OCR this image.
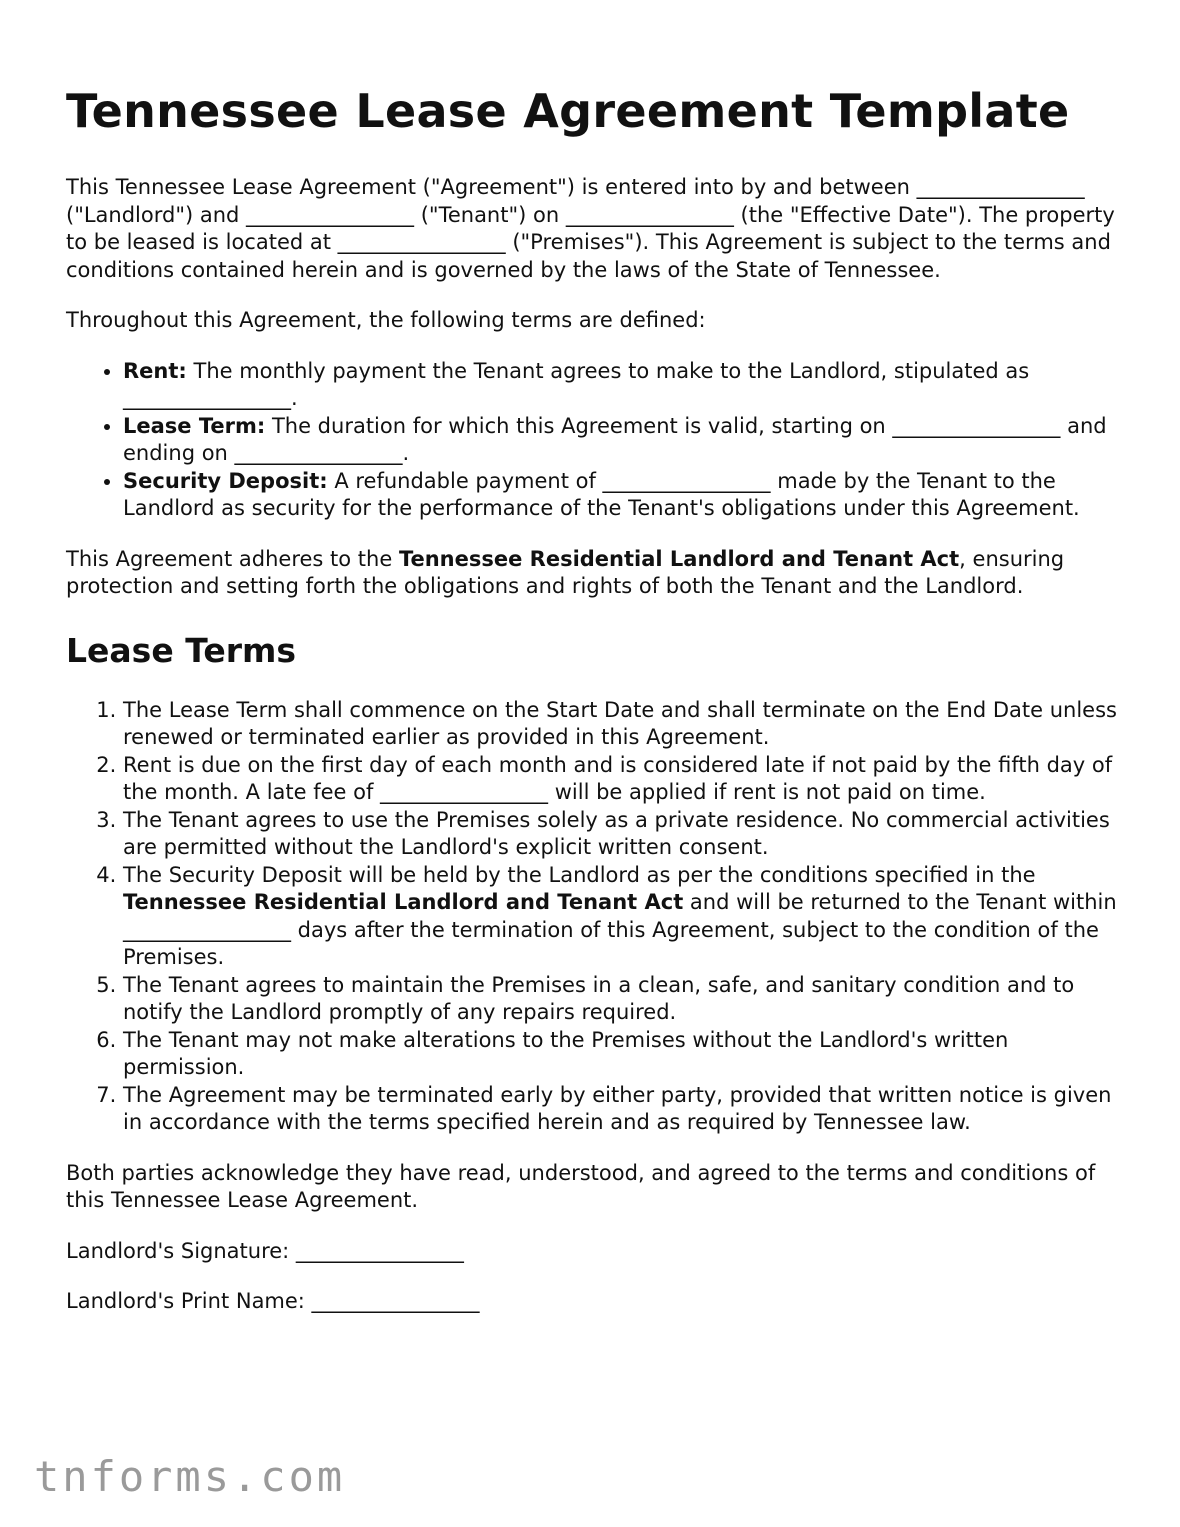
Tennessee Lease Agreement Template

This Tennessee Lease Agreement ("Agreement") is entered into by and between ________________ ("Landlord") and ________________ ("Tenant") on ________________ (the "Effective Date"). The property to be leased is located at ________________ ("Premises"). This Agreement is subject to the terms and conditions contained herein and is governed by the laws of the State of Tennessee.

Throughout this Agreement, the following terms are defined:

• Rent: The monthly payment the Tenant agrees to make to the Landlord, stipulated as ________________.
• Lease Term: The duration for which this Agreement is valid, starting on ________________ and ending on ________________.
• Security Deposit: A refundable payment of ________________ made by the Tenant to the Landlord as security for the performance of the Tenant's obligations under this Agreement.

This Agreement adheres to the Tennessee Residential Landlord and Tenant Act, ensuring protection and setting forth the obligations and rights of both the Tenant and the Landlord.

Lease Terms
1. The Lease Term shall commence on the Start Date and shall terminate on the End Date unless renewed or terminated earlier as provided in this Agreement.
2. Rent is due on the first day of each month and is considered late if not paid by the fifth day of the month. A late fee of ________________ will be applied if rent is not paid on time.
3. The Tenant agrees to use the Premises solely as a private residence. No commercial activities are permitted without the Landlord's explicit written consent.
4. The Security Deposit will be held by the Landlord as per the conditions specified in the Tennessee Residential Landlord and Tenant Act and will be returned to the Tenant within ________________ days after the termination of this Agreement, subject to the condition of the Premises.
5. The Tenant agrees to maintain the Premises in a clean, safe, and sanitary condition and to notify the Landlord promptly of any repairs required.
6. The Tenant may not make alterations to the Premises without the Landlord's written permission.
7. The Agreement may be terminated early by either party, provided that written notice is given in accordance with the terms specified herein and as required by Tennessee law.

Both parties acknowledge they have read, understood, and agreed to the terms and conditions of this Tennessee Lease Agreement.

Landlord's Signature: ________________

Landlord's Print Name: ________________

tnforms.com
